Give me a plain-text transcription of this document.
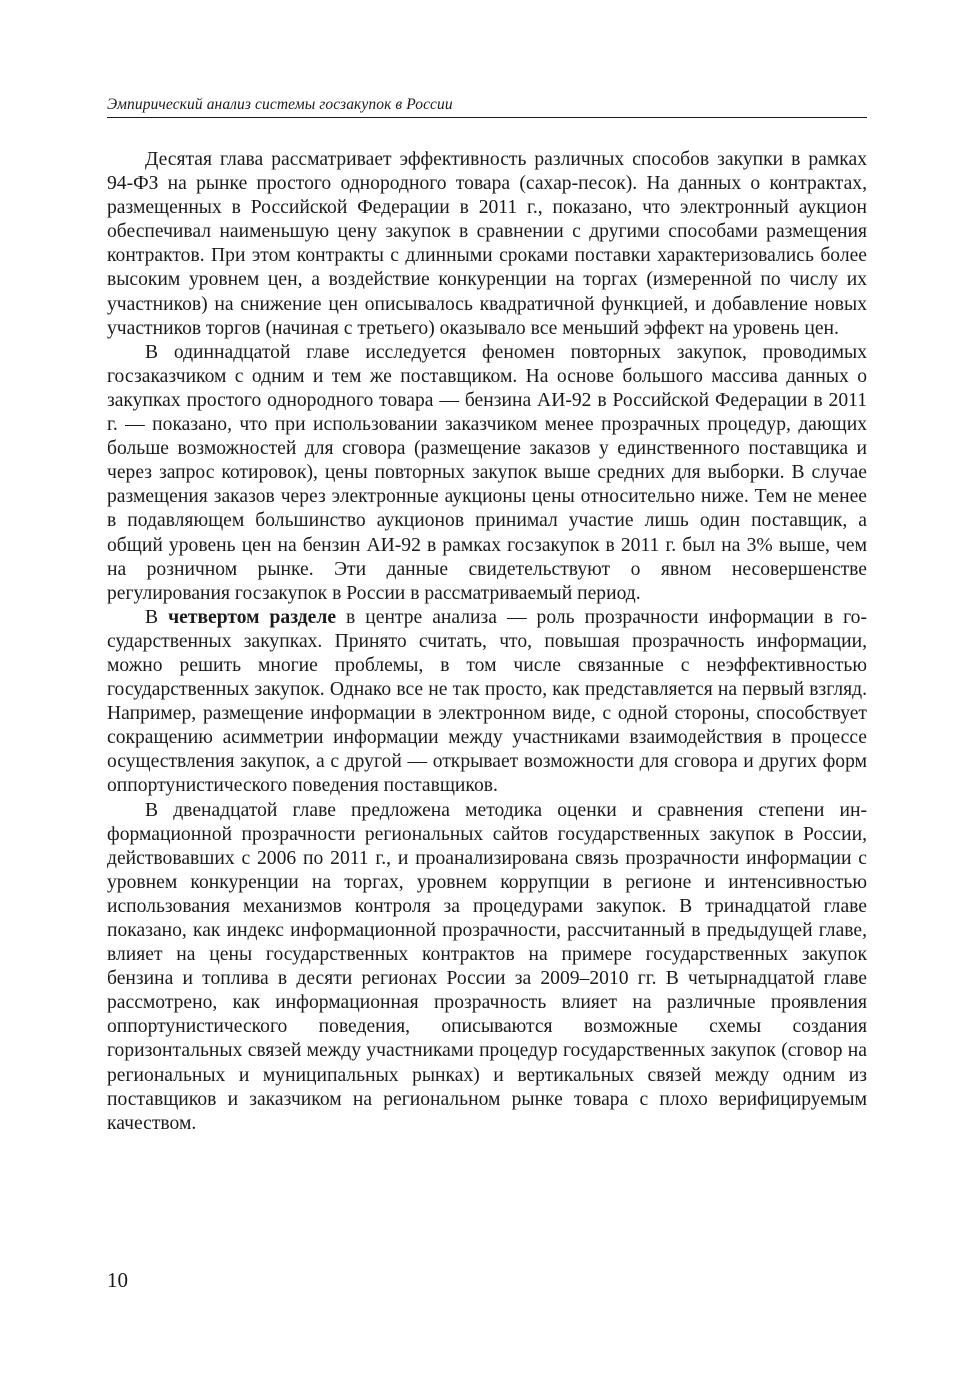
Эмпирический анализ системы госзакупок в России

Десятая глава рассматривает эффективность различных способов закупки в рамках 94-ФЗ на рынке простого однородного товара (сахар-песок). На данных о контрактах, размещенных в Российской Федерации в 2011 г., показано, что электронный аукцион обеспечивал наименьшую цену закупок в сравнении с другими способами размещения контрактов. При этом контракты с длинными сроками поставки характеризовались более высоким уровнем цен, а воздействие конкуренции на торгах (измеренной по числу их участников) на снижение цен описывалось квадратичной функцией, и добавление новых участников торгов (начиная с третьего) оказывало все меньший эффект на уровень цен.

В одиннадцатой главе исследуется феномен повторных закупок, проводимых госзаказчиком с одним и тем же поставщиком. На основе большого массива данных о закупках простого однородного товара — бензина АИ-92 в Российской Федерации в 2011 г. — показано, что при использовании заказчиком менее прозрачных процедур, дающих больше возможностей для сговора (размещение заказов у единственного поставщика и через запрос котировок), цены повторных закупок выше средних для выборки. В случае размещения заказов через электронные аукционы цены относительно ниже. Тем не менее в подавляющем большинство аукционов принимал участие лишь один поставщик, а общий уровень цен на бензин АИ-92 в рамках госзакупок в 2011 г. был на 3% выше, чем на розничном рынке. Эти данные свидетельствуют о явном несовершенстве регулирования госзакупок в России в рассматриваемый период.

В четвертом разделе в центре анализа — роль прозрачности информации в государственных закупках. Принято считать, что, повышая прозрачность информации, можно решить многие проблемы, в том числе связанные с неэффективностью государственных закупок. Однако все не так просто, как представляется на первый взгляд. Например, размещение информации в электронном виде, с одной стороны, способствует сокращению асимметрии информации между участниками взаимодействия в процессе осуществления закупок, а с другой — открывает возможности для сговора и других форм оппортунистического поведения поставщиков.

В двенадцатой главе предложена методика оценки и сравнения степени информационной прозрачности региональных сайтов государственных закупок в России, действовавших с 2006 по 2011 г., и проанализирована связь прозрачности информации с уровнем конкуренции на торгах, уровнем коррупции в регионе и интенсивностью использования механизмов контроля за процедурами закупок. В тринадцатой главе показано, как индекс информационной прозрачности, рассчитанный в предыдущей главе, влияет на цены государственных контрактов на примере государственных закупок бензина и топлива в десяти регионах России за 2009–2010 гг. В четырнадцатой главе рассмотрено, как информационная прозрачность влияет на различные проявления оппортунистического поведения, описываются возможные схемы создания горизонтальных связей между участниками процедур государственных закупок (сговор на региональных и муниципальных рынках) и вертикальных связей между одним из поставщиков и заказчиком на региональном рынке товара с плохо верифицируемым качеством.

10
